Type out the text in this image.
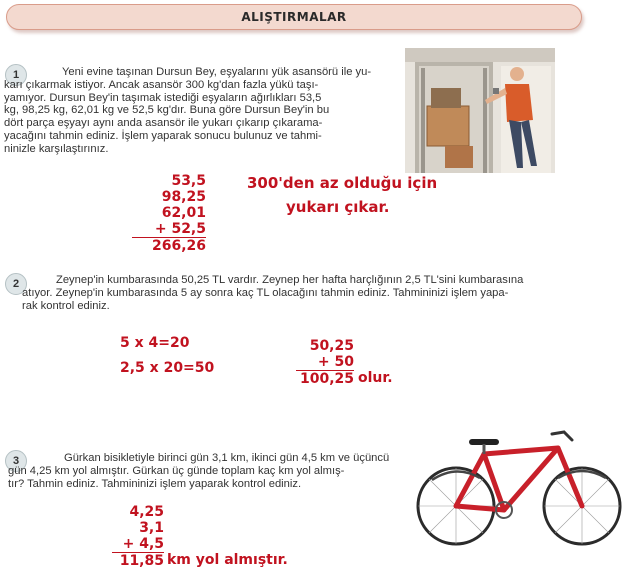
ALIŞTIRMALAR
1	Yeni evine taşınan Dursun Bey, eşyalarını yük asansörü ile yu-
karı çıkarmak istiyor. Ancak asansör 300 kg'dan fazla yükü taşı-
yamıyor. Dursun Bey'in taşımak istediği eşyaların ağırlıkları 53,5
kg, 98,25 kg, 62,01 kg ve 52,5 kg'dır. Buna göre Dursun Bey'in bu
dört parça eşyayı aynı anda asansör ile yukarı çıkarıp çıkarama-
yacağını tahmin ediniz. İşlem yaparak sonucu bulunuz ve tahmi-
ninizle karşılaştırınız.
53,5
98,25
62,01
+ 52,5
266,26
300'den az olduğu için
yukarı çıkar.
2	Zeynep'in kumbarasında 50,25 TL vardır. Zeynep her hafta harçlığının 2,5 TL'sini kumbarasına
atıyor. Zeynep'in kumbarasında 5 ay sonra kaç TL olacağını tahmin ediniz. Tahmininizi işlem yapa-
rak kontrol ediniz.
5 x 4=20
2,5 x 20=50
50,25
+ 50
100,25 olur.
3	Gürkan bisikletiyle birinci gün 3,1 km, ikinci gün 4,5 km ve üçüncü
gün 4,25 km yol almıştır. Gürkan üç günde toplam kaç km yol almış-
tır? Tahmin ediniz. Tahmininizi işlem yaparak kontrol ediniz.
4,25
3,1
+ 4,5
11,85 km yol almıştır.
